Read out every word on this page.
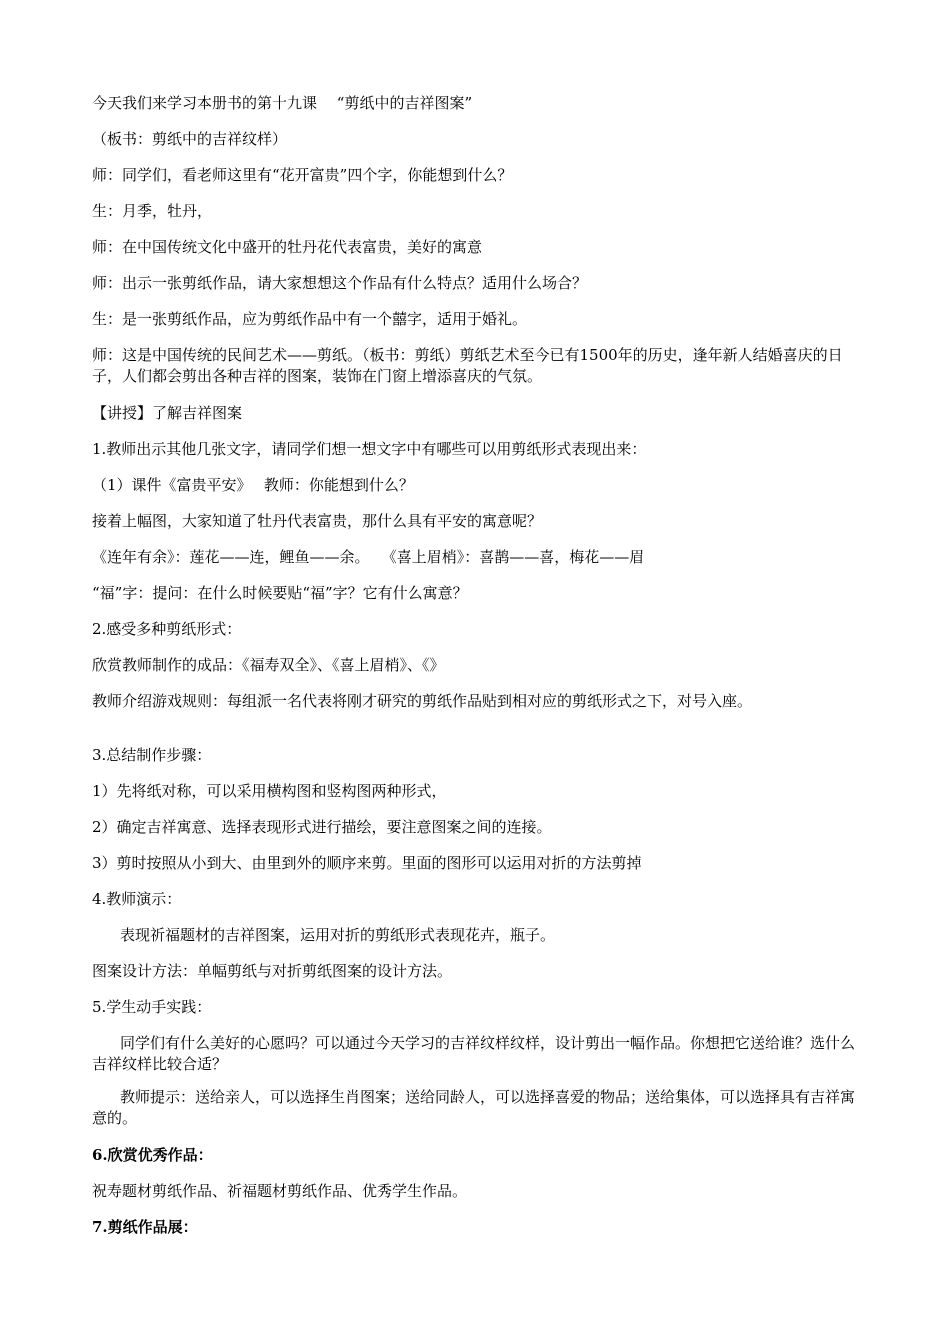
今天我们来学习本册书的第十九课　 “剪纸中的吉祥图案”
（板书：剪纸中的吉祥纹样）
师：同学们，看老师这里有“花开富贵”四个字，你能想到什么？
生：月季，牡丹，
师：在中国传统文化中盛开的牡丹花代表富贵，美好的寓意
师：出示一张剪纸作品，请大家想想这个作品有什么特点？适用什么场合？
生：是一张剪纸作品，应为剪纸作品中有一个囍字，适用于婚礼。
师：这是中国传统的民间艺术——剪纸。（板书：剪纸）剪纸艺术至今已有1500年的历史，逢年新人结婚喜庆的日子，人们都会剪出各种吉祥的图案，装饰在门窗上增添喜庆的气氛。
【讲授】了解吉祥图案
1.教师出示其他几张文字，请同学们想一想文字中有哪些可以用剪纸形式表现出来：
（1）课件《富贵平安》　 教师：你能想到什么？
接着上幅图，大家知道了牡丹代表富贵，那什么具有平安的寓意呢？
《连年有余》：莲花——连，鲤鱼——余。　 《喜上眉梢》：喜鹊——喜，梅花——眉
“福”字：提问：在什么时候要贴“福”字？它有什么寓意？
2.感受多种剪纸形式：
欣赏教师制作的成品：《福寿双全》、《喜上眉梢》、《》
教师介绍游戏规则：每组派一名代表将刚才研究的剪纸作品贴到相对应的剪纸形式之下，对号入座。
3.总结制作步骤：
1）先将纸对称，可以采用横构图和竖构图两种形式，
2）确定吉祥寓意、选择表现形式进行描绘，要注意图案之间的连接。
3）剪时按照从小到大、由里到外的顺序来剪。里面的图形可以运用对折的方法剪掉
4.教师演示：
表现祈福题材的吉祥图案，运用对折的剪纸形式表现花卉，瓶子。
图案设计方法：单幅剪纸与对折剪纸图案的设计方法。
5.学生动手实践：
同学们有什么美好的心愿吗？可以通过今天学习的吉祥纹样纹样，设计剪出一幅作品。你想把它送给谁？选什么吉祥纹样比较合适？
教师提示：送给亲人，可以选择生肖图案；送给同龄人，可以选择喜爱的物品；送给集体，可以选择具有吉祥寓意的。
6.欣赏优秀作品：
祝寿题材剪纸作品、祈福题材剪纸作品、优秀学生作品。
7.剪纸作品展：
